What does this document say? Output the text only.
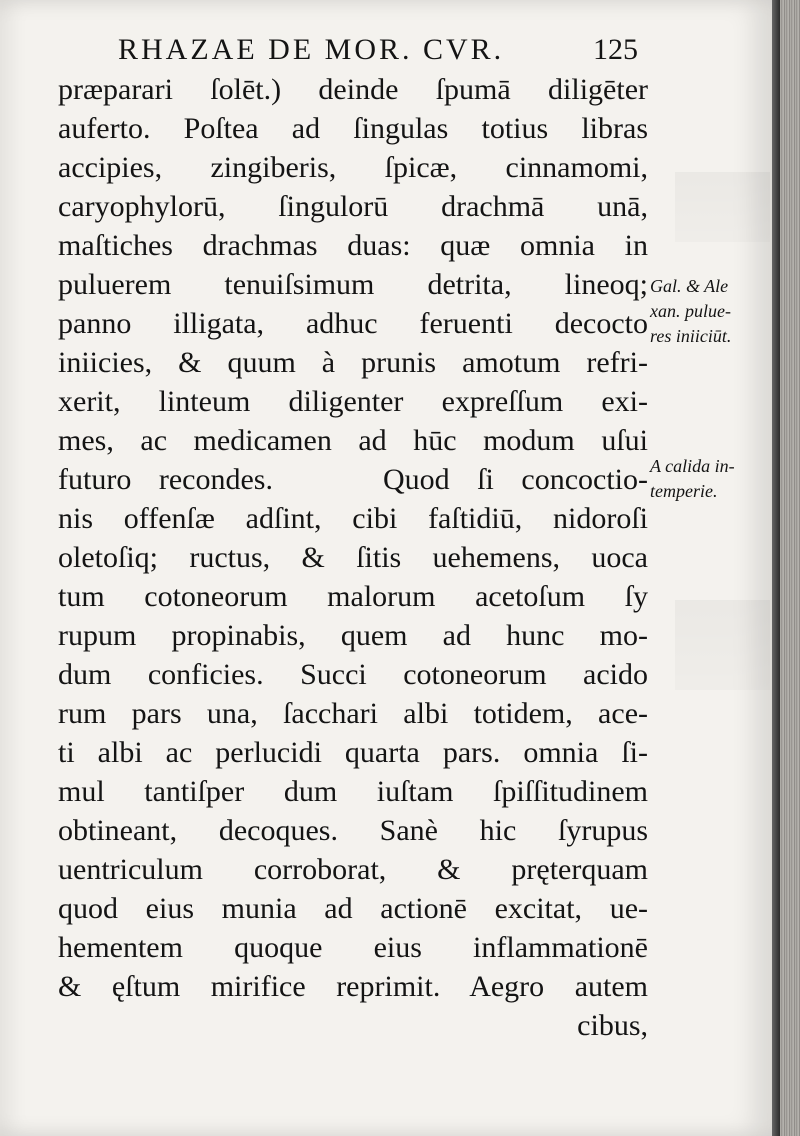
RHAZAE DE MOR. CVR.	125
præparari ſolēt.) deinde ſpumā diligēter
auferto. Poſtea ad ſingulas totius libras
accipies, zingiberis, ſpicæ, cinnamomi,
caryophylorū, ſingulorū drachmā unā,
maſtiches drachmas duas: quæ omnia in
puluerem tenuiſsimum detrita, lineoq;
panno illigata, adhuc feruenti decocto
iniicies, & quum à prunis amotum refri-
xerit, linteum diligenter expreſſum exi-
mes, ac medicamen ad hūc modum uſui
futuro recondes.    Quod ſi concoctio-
nis offenſæ adſint, cibi faſtidiū, nidoroſi
oletoſiq; ructus, & ſitis uehemens, uoca
tum cotoneorum malorum acetoſum ſy
rupum propinabis, quem ad hunc mo-
dum conficies. Succi cotoneorum acido
rum pars una, ſacchari albi totidem, ace-
ti albi ac perlucidi quarta pars. omnia ſi-
mul tantiſper dum iuſtam ſpiſſitudinem
obtineant, decoques. Sanè hic ſyrupus
uentriculum corroborat, & pręterquam
quod eius munia ad actionē excitat, ue-
hementem quoque eius inflammationē
& ęſtum mirifice reprimit. Aegro autem
cibus,
Gal. & Ale
xan. pulue-
res iniiciūt.
A calida in-
temperie.
